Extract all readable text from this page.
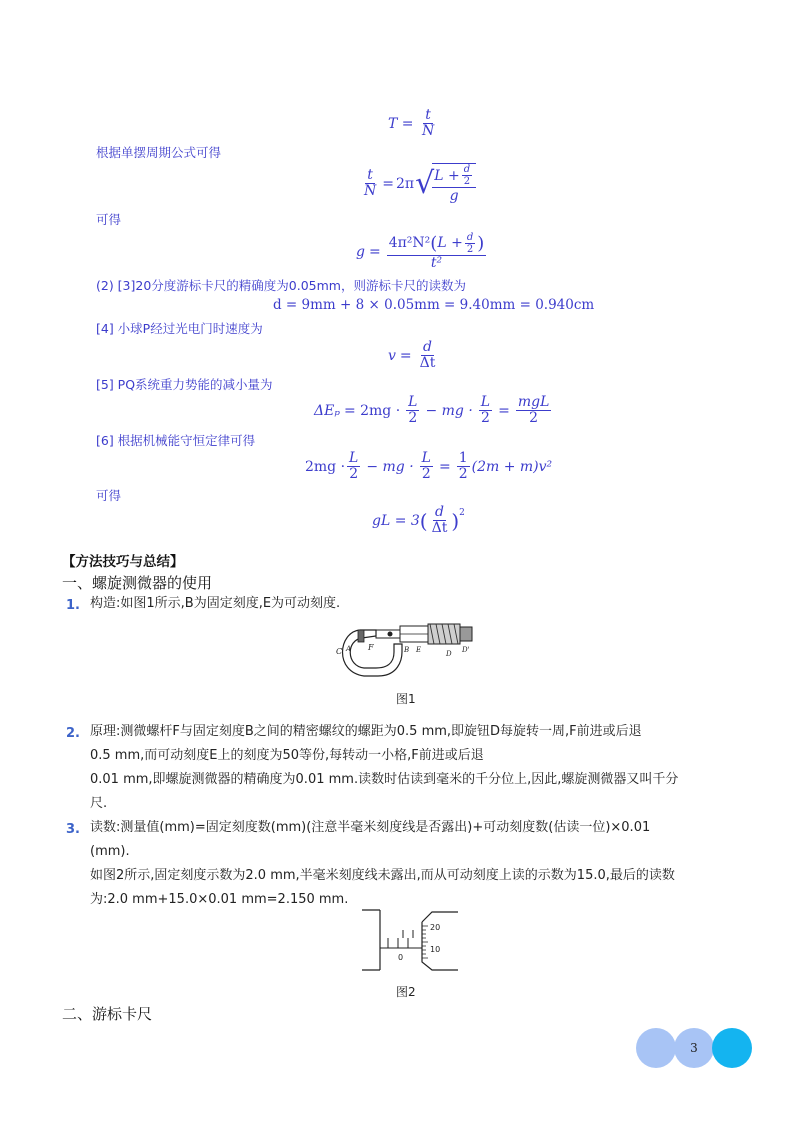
$T = \frac{t}{N}$
根据单摆周期公式可得
$\frac{t}{N} = 2\pi$ √ $L + \frac{d}{2}$
g
可得
$g = \frac{4\pi^2N^2 ( L + \frac{d}{2} )}{\text{t²}}$
(2) [3]20分度游标卡尺的精确度为0.05mm，则游标卡尺的读数为
d = 9mm + 8 × 0.05mm = 9.40mm = 0.940cm
[4] 小球P经过光电门时速度为
$v = \frac{d}{\Delta t}$
[5] PQ系统重力势能的减小量为
$\Delta E_p = 2mg \cdot \frac{L}{2}$ − mg · $\frac{L}{2} = \frac{\text{mgL}}{2}$
[6] 根据机械能守恒定律可得
$2mg \cdot \frac{L}{2}$ − mg · $\frac{L}{2} = \frac{1}{2} (2m + m)v^2$
可得
gL = 3 ( $\frac{d}{\Delta t} )^2$
【方法技巧与总结】
一、螺旋测微器的使用
1. 构造:如图1所示,B为固定刻度,E为可动刻度.
A F
C	B E	D D'
图1
2. 原理:测微螺杆F与固定刻度B之间的精密螺纹的螺距为0.5 mm,即旋钮D每旋转一周,F前进或后退
0.5 mm,而可动刻度E上的刻度为50等份,每转动一小格,F前进或后退
0.01 mm,即螺旋测微器的精确度为0.01 mm.读数时估读到毫米的千分位上,因此,螺旋测微器又叫千分
尺.
3. 读数:测量值(mm)=固定刻度数(mm)(注意半毫米刻度线是否露出)+可动刻度数(估读一位)×0.01
(mm).
如图2所示,固定刻度示数为2.0 mm,半毫米刻度线未露出,而从可动刻度上读的示数为15.0,最后的读数
为:2.0 mm+15.0×0.01 mm=2.150 mm.
20
10
0
图2
二、游标卡尺
3
